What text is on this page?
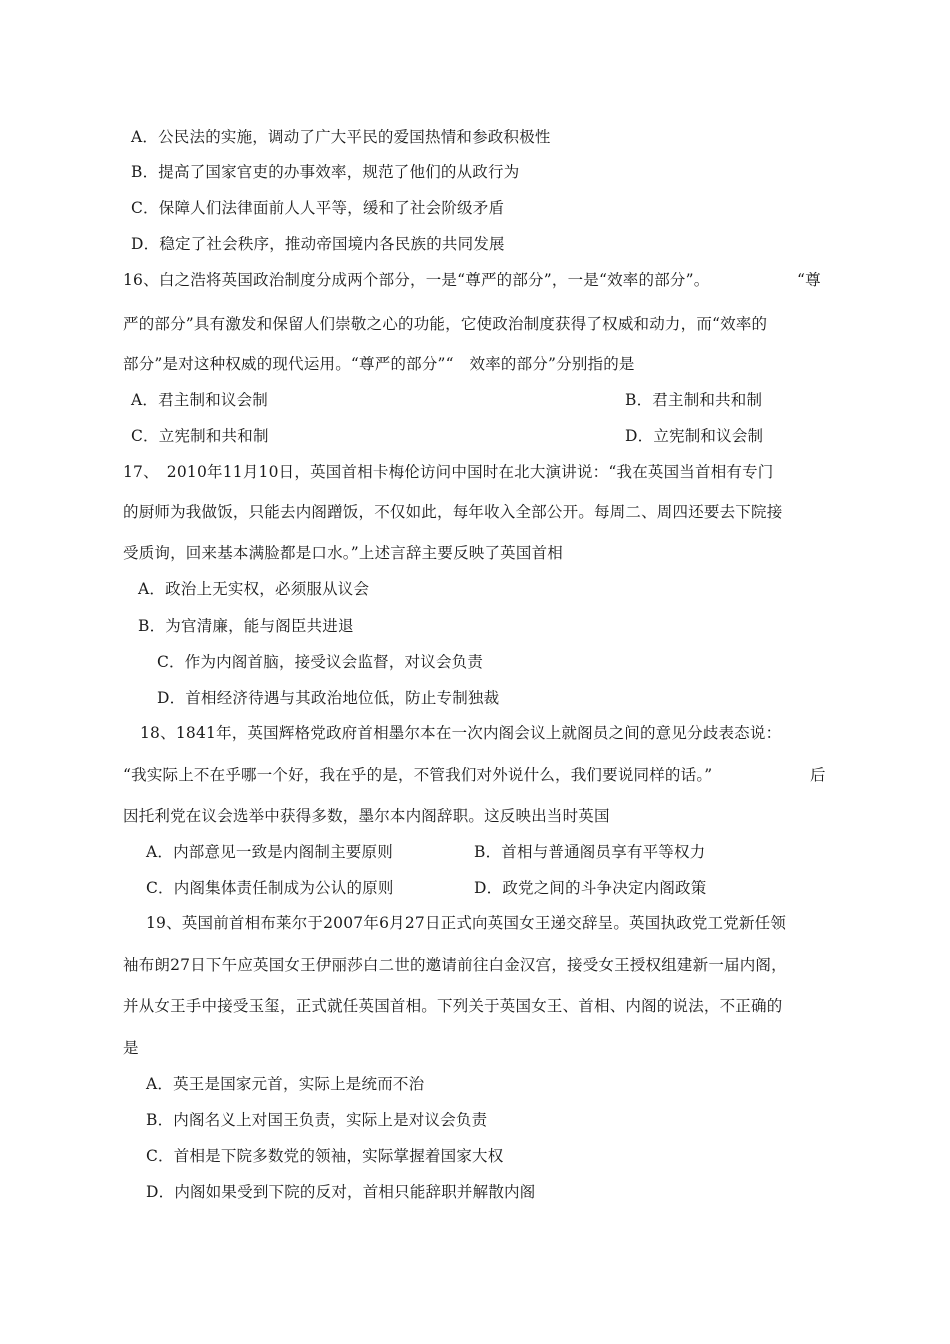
A．公民法的实施，调动了广大平民的爱国热情和参政积极性
B．提高了国家官吏的办事效率，规范了他们的从政行为
C．保障人们法律面前人人平等，缓和了社会阶级矛盾
D．稳定了社会秩序，推动帝国境内各民族的共同发展
16、白之浩将英国政治制度分成两个部分，一是“尊严的部分”，一是“效率的部分”。	“尊
严的部分”具有激发和保留人们崇敬之心的功能，它使政治制度获得了权威和动力，而“效率的
部分”是对这种权威的现代运用。“尊严的部分”“　效率的部分”分别指的是
A．君主制和议会制	B．君主制和共和制
C．立宪制和共和制	D．立宪制和议会制
17、　2010年11月10日，英国首相卡梅伦访问中国时在北大演讲说：“我在英国当首相有专门
的厨师为我做饭，只能去内阁蹭饭，不仅如此，每年收入全部公开。每周二、周四还要去下院接
受质询，回来基本满脸都是口水。”上述言辞主要反映了英国首相
A．政治上无实权，必须服从议会
B．为官清廉，能与阁臣共进退
C．作为内阁首脑，接受议会监督，对议会负责
D．首相经济待遇与其政治地位低，防止专制独裁
18、1841年，英国辉格党政府首相墨尔本在一次内阁会议上就阁员之间的意见分歧表态说：
“我实际上不在乎哪一个好，我在乎的是，不管我们对外说什么，我们要说同样的话。”	后
因托利党在议会选举中获得多数，墨尔本内阁辞职。这反映出当时英国
A．内部意见一致是内阁制主要原则	B．首相与普通阁员享有平等权力
C．内阁集体责任制成为公认的原则	D．政党之间的斗争决定内阁政策
19、英国前首相布莱尔于2007年6月27日正式向英国女王递交辞呈。英国执政党工党新任领
袖布朗27日下午应英国女王伊丽莎白二世的邀请前往白金汉宫，接受女王授权组建新一届内阁，
并从女王手中接受玉玺，正式就任英国首相。下列关于英国女王、首相、内阁的说法，不正确的
是
A．英王是国家元首，实际上是统而不治
B．内阁名义上对国王负责，实际上是对议会负责
C．首相是下院多数党的领袖，实际掌握着国家大权
D．内阁如果受到下院的反对，首相只能辞职并解散内阁
